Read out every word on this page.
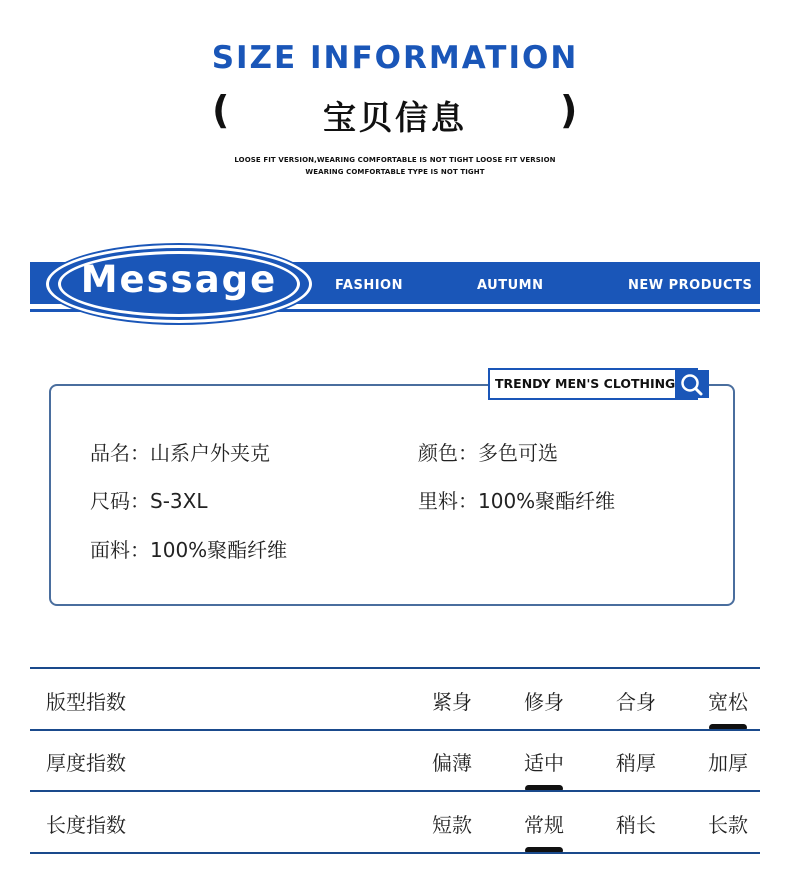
SIZE INFORMATION
(	宝贝信息	)
LOOSE FIT VERSION,WEARING COMFORTABLE IS NOT TIGHT LOOSE FIT VERSION
WEARING COMFORTABLE TYPE IS NOT TIGHT
Message	FASHION	AUTUMN	NEW PRODUCTS
TRENDY MEN'S CLOTHING
品名：山系户外夹克	颜色：多色可选
尺码：S-3XL	里料：100%聚酯纤维
面料：100%聚酯纤维
版型指数	紧身	修身	合身	宽松
厚度指数	偏薄	适中	稍厚	加厚
长度指数	短款	常规	稍长	长款
